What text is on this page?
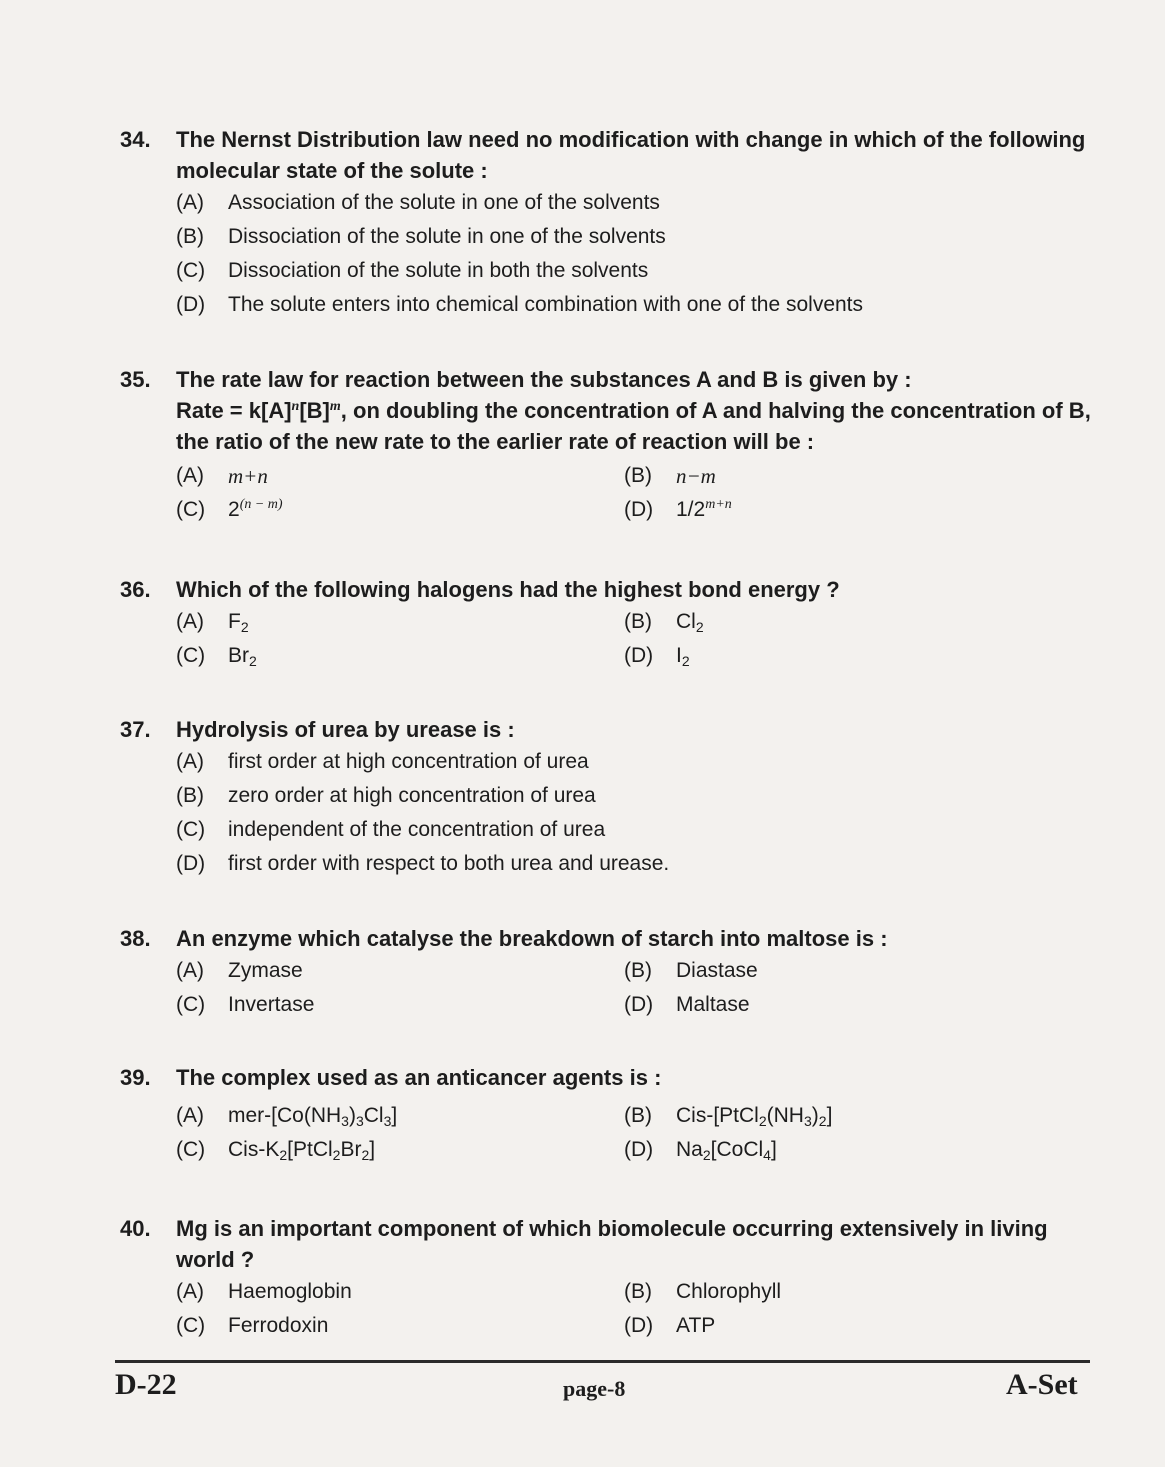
34.	The Nernst Distribution law need no modification with change in which of the following molecular state of the solute :
(A)	Association of the solute in one of the solvents
(B)	Dissociation of the solute in one of the solvents
(C)	Dissociation of the solute in both the solvents
(D)	The solute enters into chemical combination with one of the solvents
35.	The rate law for reaction between the substances A and B is given by :
Rate = $k[A]^n[B]^m$, on doubling the concentration of A and halving the concentration of B, the ratio of the new rate to the earlier rate of reaction will be :
(A)	m+n	(B)	n−m
(C)	$2^{(n - m)}$	(D)	$1/2^{m+n}$
36.	Which of the following halogens had the highest bond energy ?
(A)	$F_2$	(B)	$Cl_2$
(C)	$Br_2$	(D)	$I_2$
37.	Hydrolysis of urea by urease is :
(A)	first order at high concentration of urea
(B)	zero order at high concentration of urea
(C)	independent of the concentration of urea
(D)	first order with respect to both urea and urease.
38.	An enzyme which catalyse the breakdown of starch into maltose is :
(A)	Zymase	(B)	Diastase
(C)	Invertase	(D)	Maltase
39.	The complex used as an anticancer agents is :
(A)	mer-$[Co(NH_3)_3Cl_3]$	(B)	Cis-$[PtCl_2(NH_3)_2]$
(C)	Cis-$K_2[PtCl_2Br_2]$	(D)	$Na_2[CoCl_4]$
40.	Mg is an important component of which biomolecule occurring extensively in living world ?
(A)	Haemoglobin	(B)	Chlorophyll
(C)	Ferrodoxin	(D)	ATP
D-22	page-8	A-Set
